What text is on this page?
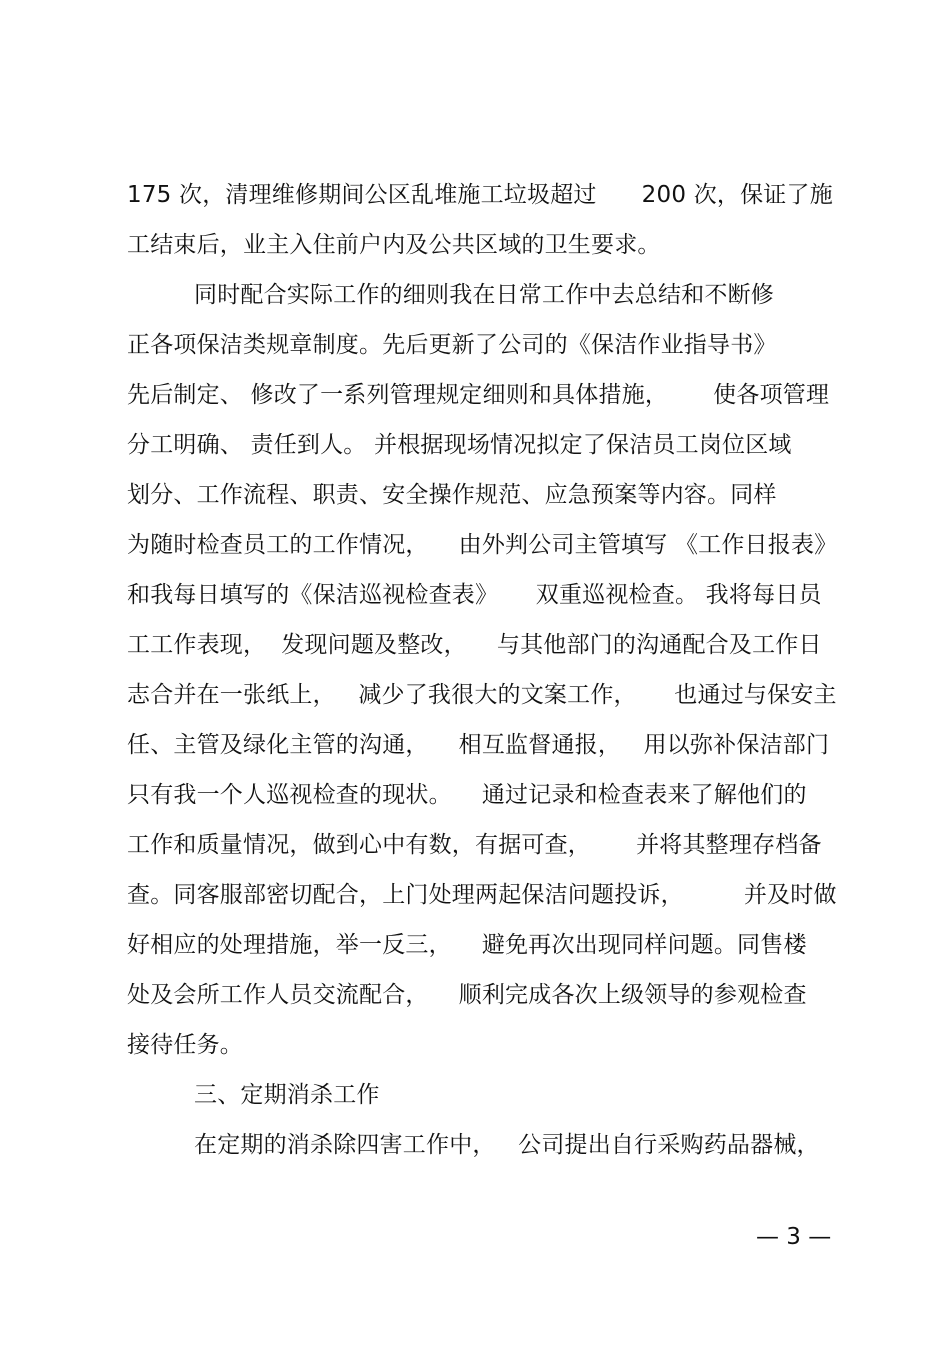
175 次，清理维修期间公区乱堆施工垃圾超过      200 次，保证了施
工结束后，业主入住前户内及公共区域的卫生要求。
同时配合实际工作的细则我在日常工作中去总结和不断修
正各项保洁类规章制度。先后更新了公司的《保洁作业指导书》
先后制定、 修改了一系列管理规定细则和具体措施，      使各项管理
分工明确、 责任到人。 并根据现场情况拟定了保洁员工岗位区域
划分、工作流程、职责、安全操作规范、应急预案等内容。同样
为随时检查员工的工作情况，    由外判公司主管填写 《工作日报表》
和我每日填写的《保洁巡视检查表》     双重巡视检查。 我将每日员
工工作表现，  发现问题及整改，    与其他部门的沟通配合及工作日
志合并在一张纸上，   减少了我很大的文案工作，     也通过与保安主
任、主管及绿化主管的沟通，    相互监督通报，   用以弥补保洁部门
只有我一个人巡视检查的现状。    通过记录和检查表来了解他们的
工作和质量情况，做到心中有数，有据可查，      并将其整理存档备
查。同客服部密切配合，上门处理两起保洁问题投诉，        并及时做
好相应的处理措施，举一反三，    避免再次出现同样问题。同售楼
处及会所工作人员交流配合，    顺利完成各次上级领导的参观检查
接待任务。
三、定期消杀工作
在定期的消杀除四害工作中，   公司提出自行采购药品器械，
— 3 —
